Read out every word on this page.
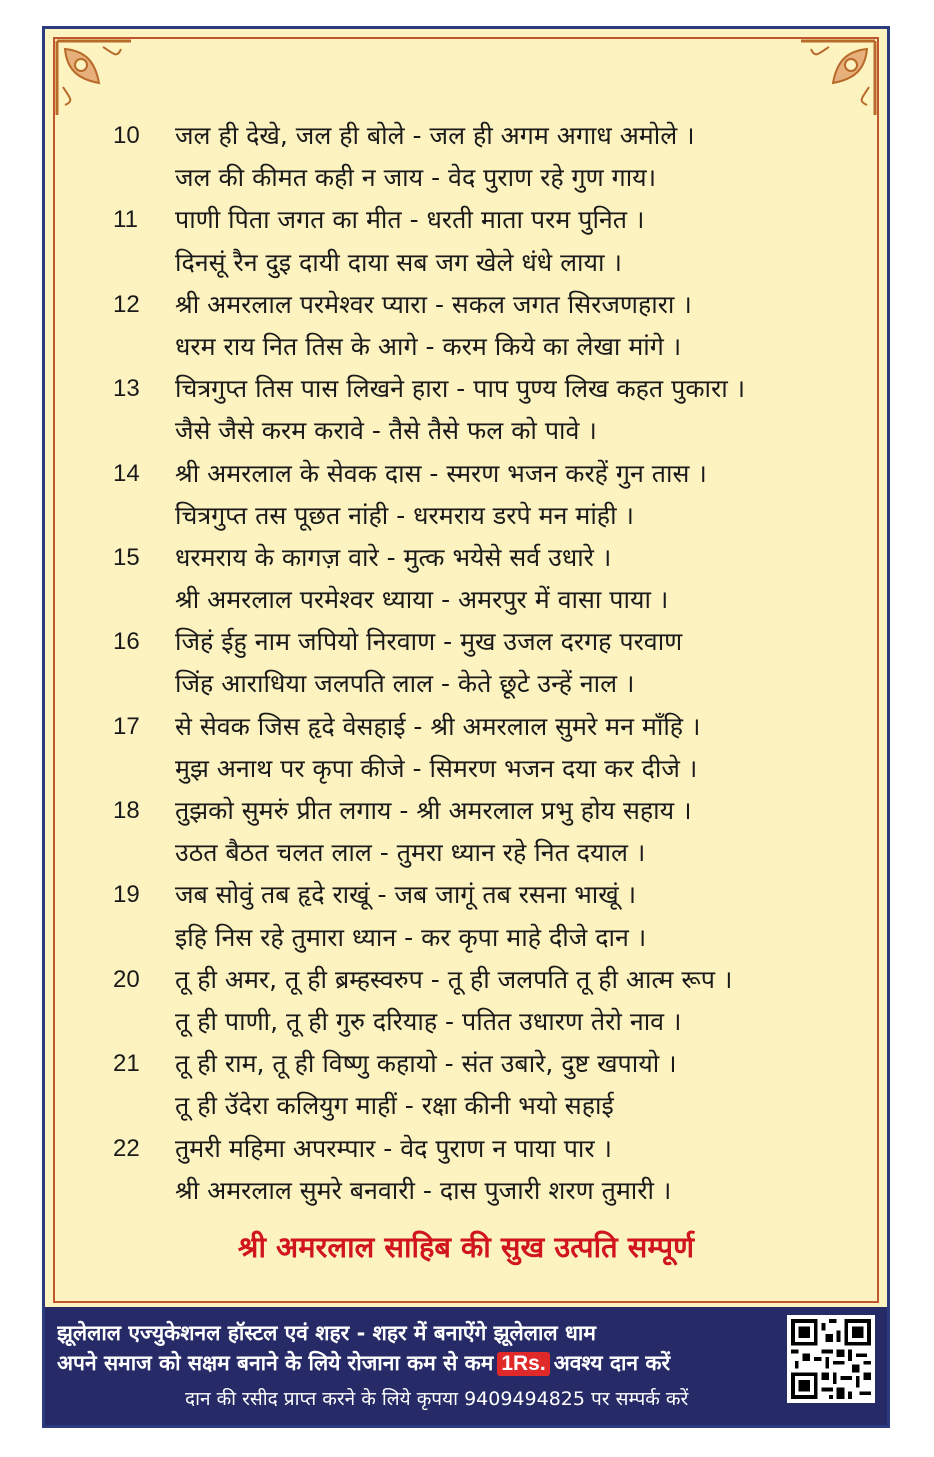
10	जल ही देखे, जल ही बोले - जल ही अगम अगाध अमोले ।
जल की कीमत कही न जाय - वेद पुराण रहे गुण गाय।
11	पाणी पिता जगत का मीत - धरती माता परम पुनित ।
दिनसूं रैन दुइ दायी दाया सब जग खेले धंधे लाया ।
12	श्री अमरलाल परमेश्वर प्यारा - सकल जगत सिरजणहारा ।
धरम राय नित तिस के आगे - करम किये का लेखा मांगे ।
13	चित्रगुप्त तिस पास लिखने हारा - पाप पुण्य लिख कहत पुकारा ।
जैसे जैसे करम करावे - तैसे तैसे फल को पावे ।
14	श्री अमरलाल के सेवक दास - स्मरण भजन करहें गुन तास ।
चित्रगुप्त तस पूछत नांही - धरमराय डरपे मन मांही ।
15	धरमराय के कागज़ वारे - मुत्क भयेसे सर्व उधारे ।
श्री अमरलाल परमेश्वर ध्याया - अमरपुर में वासा पाया ।
16	जिहं ईहु नाम जपियो निरवाण - मुख उजल दरगह परवाण
जिंह आराधिया जलपति लाल - केते छूटे उन्हें नाल ।
17	से सेवक जिस हृदे वेसहाई - श्री अमरलाल सुमरे मन माँहि ।
मुझ अनाथ पर कृपा कीजे - सिमरण भजन दया कर दीजे ।
18	तुझको सुमरुं प्रीत लगाय - श्री अमरलाल प्रभु होय सहाय ।
उठत बैठत चलत लाल - तुमरा ध्यान रहे नित दयाल ।
19	जब सोवुं तब हृदे राखूं - जब जागूं तब रसना भाखूं ।
इहि निस रहे तुमारा ध्यान - कर कृपा माहे दीजे दान ।
20	तू ही अमर, तू ही ब्रम्हस्वरुप - तू ही जलपति तू ही आत्म रूप ।
तू ही पाणी, तू ही गुरु दरियाह - पतित उधारण तेरो नाव ।
21	तू ही राम, तू ही विष्णु कहायो - संत उबारे, दुष्ट खपायो ।
तू ही उ‍ॅदेरा कलियुग माहीं - रक्षा कीनी भयो सहाई
22	तुमरी महिमा अपरम्पार - वेद पुराण न पाया पार ।
श्री अमरलाल सुमरे बनवारी - दास पुजारी शरण तुमारी ।
श्री अमरलाल साहिब की सुख उत्पति सम्पूर्ण
झूलेलाल एज्युकेशनल हॉस्टल एवं शहर - शहर में बनाऐंगे झूलेलाल धाम
अपने समाज को सक्षम बनाने के लिये रोजाना कम से कम 1Rs. अवश्य दान करें
दान की रसीद प्राप्त करने के लिये कृपया 9409494825 पर सम्पर्क करें
